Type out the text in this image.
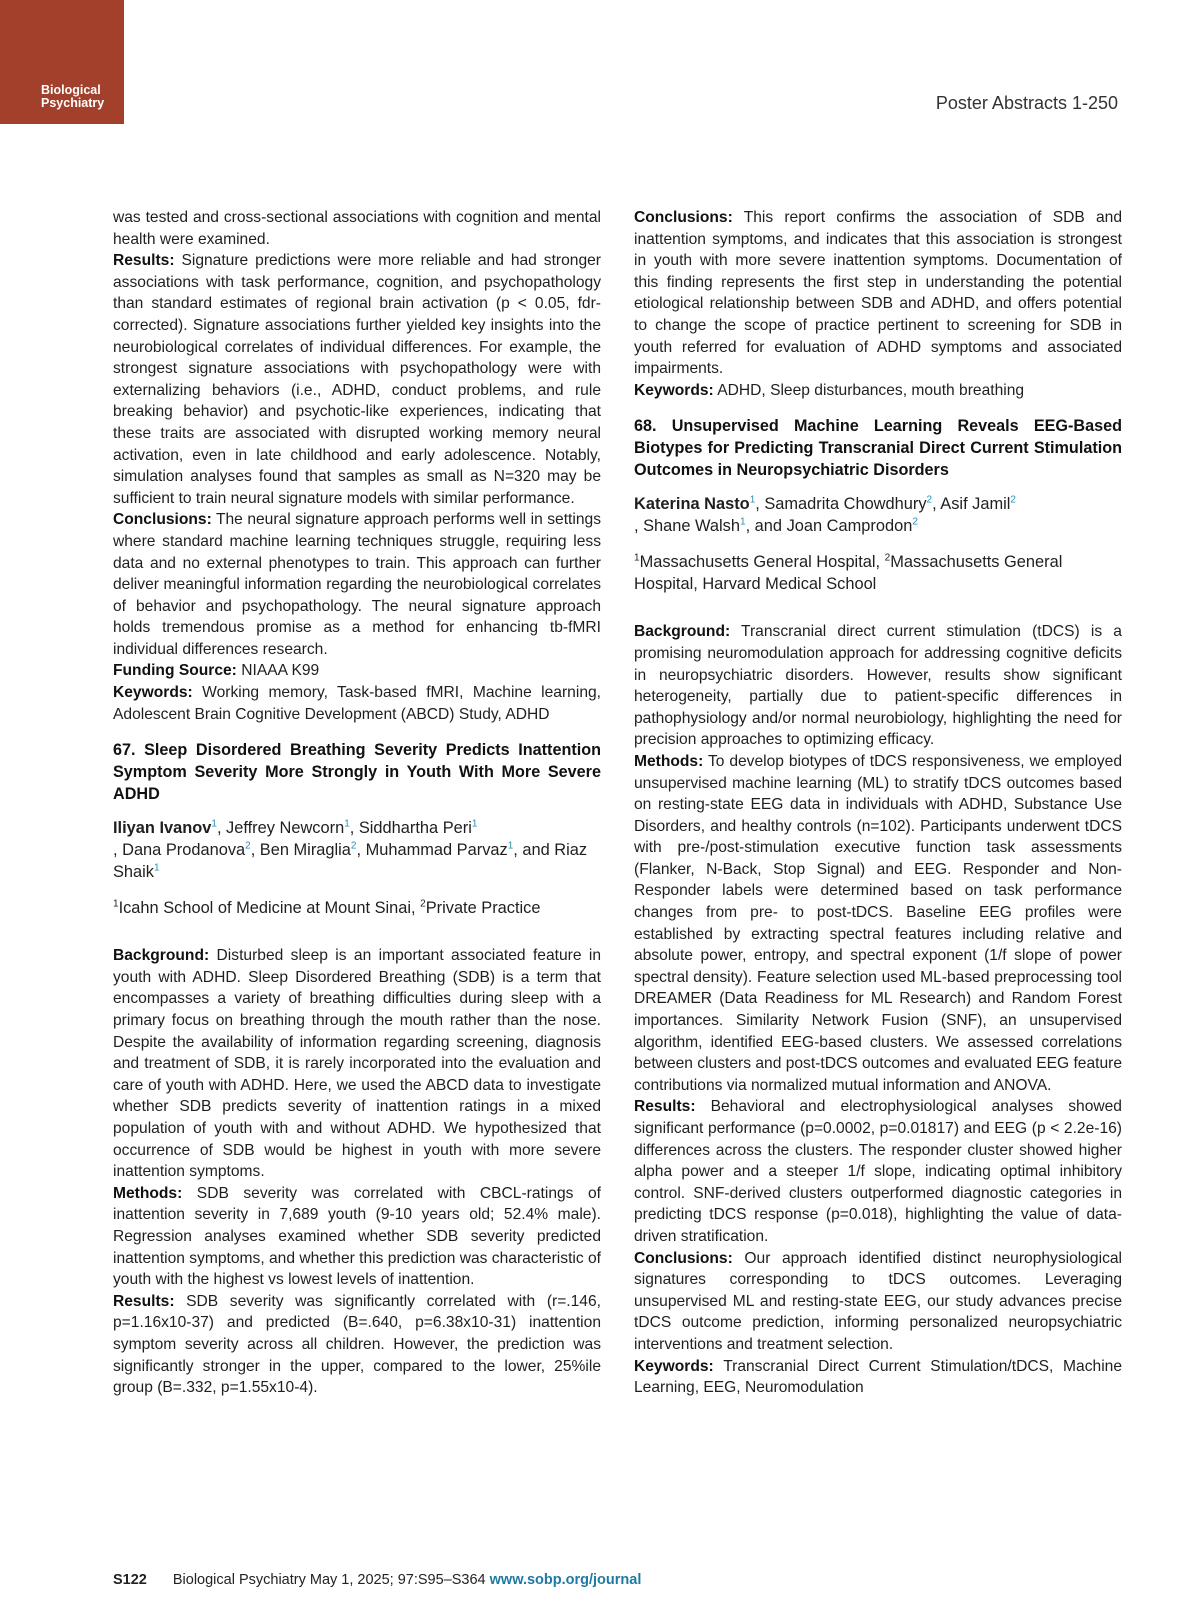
Biological
Psychiatry	Poster Abstracts 1-250

was tested and cross-sectional associations with cognition and mental health were examined.

Results: Signature predictions were more reliable and had stronger associations with task performance, cognition, and psychopathology than standard estimates of regional brain activation (p < 0.05, fdr-corrected). Signature associations further yielded key insights into the neurobiological correlates of individual differences. For example, the strongest signature associations with psychopathology were with externalizing behaviors (i.e., ADHD, conduct problems, and rule breaking behavior) and psychotic-like experiences, indicating that these traits are associated with disrupted working memory neural activation, even in late childhood and early adolescence. Notably, simulation analyses found that samples as small as N=320 may be sufficient to train neural signature models with similar performance.

Conclusions: The neural signature approach performs well in settings where standard machine learning techniques struggle, requiring less data and no external phenotypes to train. This approach can further deliver meaningful information regarding the neurobiological correlates of behavior and psychopathology. The neural signature approach holds tremendous promise as a method for enhancing tb-fMRI individual differences research.

Funding Source: NIAAA K99

Keywords: Working memory, Task-based fMRI, Machine learning, Adolescent Brain Cognitive Development (ABCD) Study, ADHD

67. Sleep Disordered Breathing Severity Predicts Inattention Symptom Severity More Strongly in Youth With More Severe ADHD

Iliyan Ivanov$^1$, Jeffrey Newcorn$^1$, Siddhartha Peri$^1$
, Dana Prodanova$^2$, Ben Miraglia$^2$, Muhammad Parvaz$^1$, and Riaz Shaik$^1$

$^1$Icahn School of Medicine at Mount Sinai, $^2$Private Practice

Background: Disturbed sleep is an important associated feature in youth with ADHD. Sleep Disordered Breathing (SDB) is a term that encompasses a variety of breathing difficulties during sleep with a primary focus on breathing through the mouth rather than the nose. Despite the availability of information regarding screening, diagnosis and treatment of SDB, it is rarely incorporated into the evaluation and care of youth with ADHD. Here, we used the ABCD data to investigate whether SDB predicts severity of inattention ratings in a mixed population of youth with and without ADHD. We hypothesized that occurrence of SDB would be highest in youth with more severe inattention symptoms.

Methods: SDB severity was correlated with CBCL-ratings of inattention severity in 7,689 youth (9-10 years old; 52.4% male). Regression analyses examined whether SDB severity predicted inattention symptoms, and whether this prediction was characteristic of youth with the highest vs lowest levels of inattention.

Results: SDB severity was significantly correlated with (r=.146, p=1.16x10-37) and predicted (B=.640, p=6.38x10-31) inattention symptom severity across all children. However, the prediction was significantly stronger in the upper, compared to the lower, 25%ile group (B=.332, p=1.55x10-4).

Conclusions: This report confirms the association of SDB and inattention symptoms, and indicates that this association is strongest in youth with more severe inattention symptoms. Documentation of this finding represents the first step in understanding the potential etiological relationship between SDB and ADHD, and offers potential to change the scope of practice pertinent to screening for SDB in youth referred for evaluation of ADHD symptoms and associated impairments.

Keywords: ADHD, Sleep disturbances, mouth breathing

68. Unsupervised Machine Learning Reveals EEG-Based Biotypes for Predicting Transcranial Direct Current Stimulation Outcomes in Neuropsychiatric Disorders

Katerina Nasto$^1$, Samadrita Chowdhury$^2$, Asif Jamil$^2$
, Shane Walsh$^1$, and Joan Camprodon$^2$

$^1$Massachusetts General Hospital, $^2$Massachusetts General Hospital, Harvard Medical School

Background: Transcranial direct current stimulation (tDCS) is a promising neuromodulation approach for addressing cognitive deficits in neuropsychiatric disorders. However, results show significant heterogeneity, partially due to patient-specific differences in pathophysiology and/or normal neurobiology, highlighting the need for precision approaches to optimizing efficacy.

Methods: To develop biotypes of tDCS responsiveness, we employed unsupervised machine learning (ML) to stratify tDCS outcomes based on resting-state EEG data in individuals with ADHD, Substance Use Disorders, and healthy controls (n=102). Participants underwent tDCS with pre-/post-stimulation executive function task assessments (Flanker, N-Back, Stop Signal) and EEG. Responder and Non-Responder labels were determined based on task performance changes from pre- to post-tDCS. Baseline EEG profiles were established by extracting spectral features including relative and absolute power, entropy, and spectral exponent (1/f slope of power spectral density). Feature selection used ML-based preprocessing tool DREAMER (Data Readiness for ML Research) and Random Forest importances. Similarity Network Fusion (SNF), an unsupervised algorithm, identified EEG-based clusters. We assessed correlations between clusters and post-tDCS outcomes and evaluated EEG feature contributions via normalized mutual information and ANOVA.

Results: Behavioral and electrophysiological analyses showed significant performance (p=0.0002, p=0.01817) and EEG (p < 2.2e-16) differences across the clusters. The responder cluster showed higher alpha power and a steeper 1/f slope, indicating optimal inhibitory control. SNF-derived clusters outperformed diagnostic categories in predicting tDCS response (p=0.018), highlighting the value of data-driven stratification.

Conclusions: Our approach identified distinct neurophysiological signatures corresponding to tDCS outcomes. Leveraging unsupervised ML and resting-state EEG, our study advances precise tDCS outcome prediction, informing personalized neuropsychiatric interventions and treatment selection.

Keywords: Transcranial Direct Current Stimulation/tDCS, Machine Learning, EEG, Neuromodulation

S122 Biological Psychiatry May 1, 2025; 97:S95–S364 www.sobp.org/journal
